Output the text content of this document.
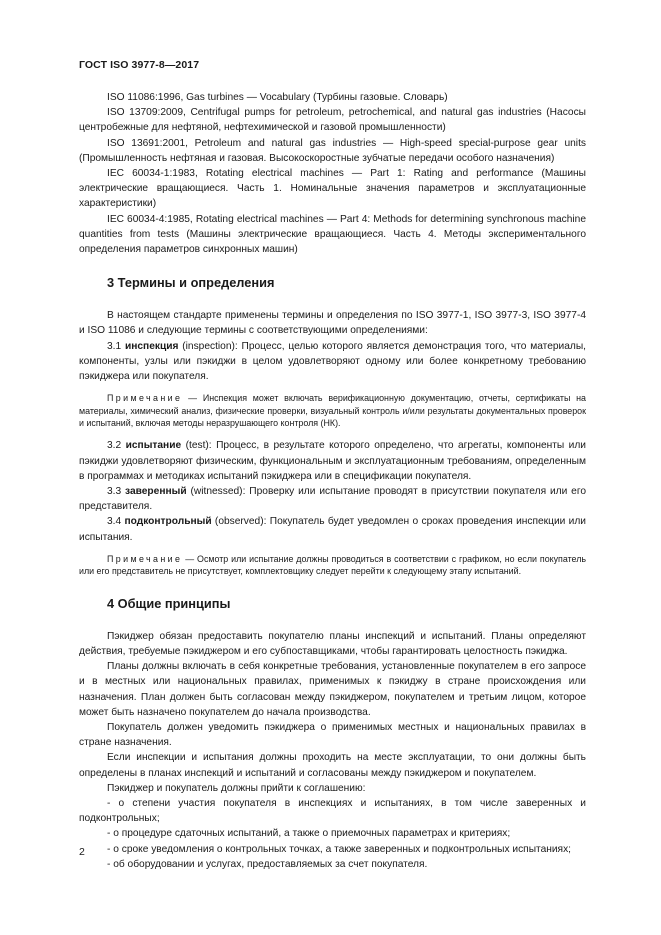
ГОСТ ISO 3977-8—2017

ISO 11086:1996, Gas turbines — Vocabulary (Турбины газовые. Словарь)

ISO 13709:2009, Centrifugal pumps for petroleum, petrochemical, and natural gas industries (Насосы центробежные для нефтяной, нефтехимической и газовой промышленности)

ISO 13691:2001, Petroleum and natural gas industries — High-speed special-purpose gear units (Промышленность нефтяная и газовая. Высокоскоростные зубчатые передачи особого назначения)

IEC 60034-1:1983, Rotating electrical machines — Part 1: Rating and performance (Машины электрические вращающиеся. Часть 1. Номинальные значения параметров и эксплуатационные характеристики)

IEC 60034-4:1985, Rotating electrical machines — Part 4: Methods for determining synchronous machine quantities from tests (Машины электрические вращающиеся. Часть 4. Методы экспериментального определения параметров синхронных машин)

3 Термины и определения

В настоящем стандарте применены термины и определения по ISO 3977-1, ISO 3977-3, ISO 3977-4 и ISO 11086 и следующие термины с соответствующими определениями:

3.1 инспекция (inspection): Процесс, целью которого является демонстрация того, что материалы, компоненты, узлы или пэкиджи в целом удовлетворяют одному или более конкретному требованию пэкиджера или покупателя.

Примечание — Инспекция может включать верификационную документацию, отчеты, сертификаты на материалы, химический анализ, физические проверки, визуальный контроль и/или результаты документальных проверок и испытаний, включая методы неразрушающего контроля (НК).

3.2 испытание (test): Процесс, в результате которого определено, что агрегаты, компоненты или пэкиджи удовлетворяют физическим, функциональным и эксплуатационным требованиям, определенным в программах и методиках испытаний пэкиджера или в спецификации покупателя.

3.3 заверенный (witnessed): Проверку или испытание проводят в присутствии покупателя или его представителя.

3.4 подконтрольный (observed): Покупатель будет уведомлен о сроках проведения инспекции или испытания.

Примечание — Осмотр или испытание должны проводиться в соответствии с графиком, но если покупатель или его представитель не присутствует, комплектовщику следует перейти к следующему этапу испытаний.

4 Общие принципы

Пэкиджер обязан предоставить покупателю планы инспекций и испытаний. Планы определяют действия, требуемые пэкиджером и его субпоставщиками, чтобы гарантировать целостность пэкиджа.

Планы должны включать в себя конкретные требования, установленные покупателем в его запросе и в местных или национальных правилах, применимых к пэкиджу в стране происхождения или назначения. План должен быть согласован между пэкиджером, покупателем и третьим лицом, которое может быть назначено покупателем до начала производства.

Покупатель должен уведомить пэкиджера о применимых местных и национальных правилах в стране назначения.

Если инспекции и испытания должны проходить на месте эксплуатации, то они должны быть определены в планах инспекций и испытаний и согласованы между пэкиджером и покупателем.

Пэкиджер и покупатель должны прийти к соглашению:

- о степени участия покупателя в инспекциях и испытаниях, в том числе заверенных и подконтрольных;

- о процедуре сдаточных испытаний, а также о приемочных параметрах и критериях;

- о сроке уведомления о контрольных точках, а также заверенных и подконтрольных испытаниях;

- об оборудовании и услугах, предоставляемых за счет покупателя.

2
